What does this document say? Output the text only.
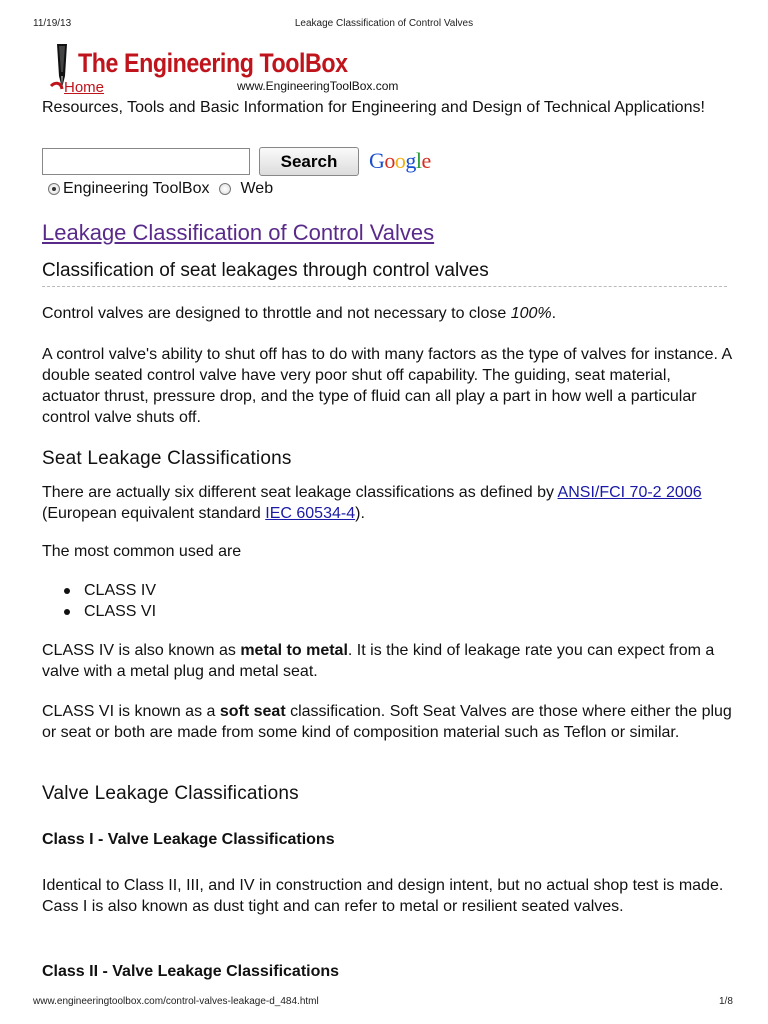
11/19/13	Leakage Classification of Control Valves
The Engineering ToolBox
www.EngineeringToolBox.com
Home
Resources, Tools and Basic Information for Engineering and Design of Technical Applications!
Search	Google
Engineering ToolBox Web
Leakage Classification of Control Valves
Classification of seat leakages through control valves
Control valves are designed to throttle and not necessary to close 100%.
A control valve's ability to shut off has to do with many factors as the type of valves for instance. A double seated control valve have very poor shut off capability. The guiding, seat material, actuator thrust, pressure drop, and the type of fluid can all play a part in how well a particular control valve shuts off.
Seat Leakage Classifications
There are actually six different seat leakage classifications as defined by ANSI/FCI 70-2 2006 (European equivalent standard IEC 60534-4).
The most common used are
CLASS IV
CLASS VI
CLASS IV is also known as metal to metal. It is the kind of leakage rate you can expect from a valve with a metal plug and metal seat.
CLASS VI is known as a soft seat classification. Soft Seat Valves are those where either the plug or seat or both are made from some kind of composition material such as Teflon or similar.
Valve Leakage Classifications
Class I - Valve Leakage Classifications
Identical to Class II, III, and IV in construction and design intent, but no actual shop test is made. Cass I is also known as dust tight and can refer to metal or resilient seated valves.
Class II - Valve Leakage Classifications
www.engineeringtoolbox.com/control-valves-leakage-d_484.html	1/8
